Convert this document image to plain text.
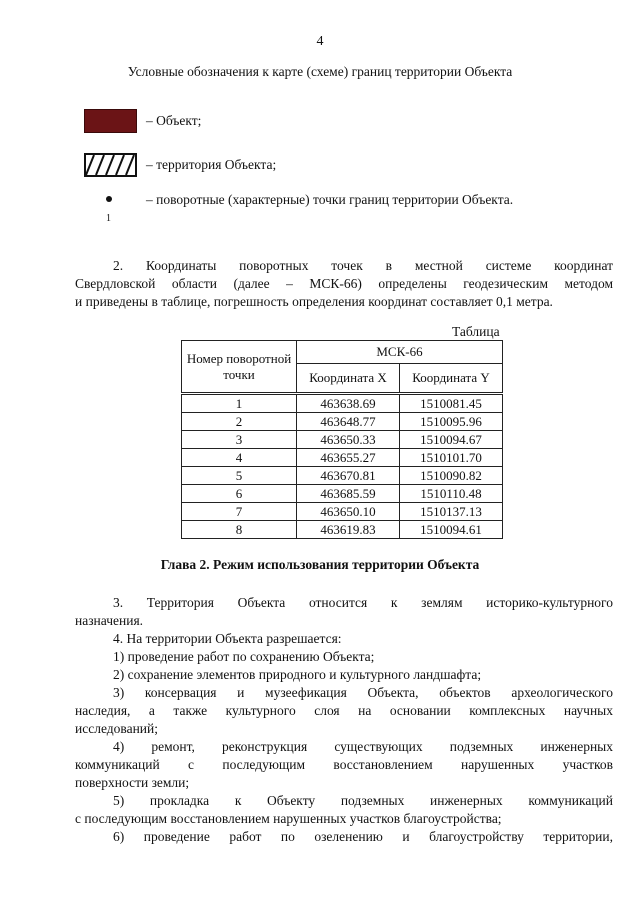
4
Условные обозначения к карте (схеме) границ территории Объекта
– Объект;
– территория Объекта;
1
– поворотные (характерные) точки границ территории Объекта.
2. Координаты поворотных точек в местной системе координат
Свердловской области (далее – МСК-66) определены геодезическим методом
и приведены в таблице, погрешность определения координат составляет 0,1 метра.
Таблица
Номер поворотной точки	МСК-66	
	Координата X	Координата Y
1	463638.69	1510081.45
2	463648.77	1510095.96
3	463650.33	1510094.67
4	463655.27	1510101.70
5	463670.81	1510090.82
6	463685.59	1510110.48
7	463650.10	1510137.13
8	463619.83	1510094.61
Глава 2. Режим использования территории Объекта
3. Территория Объекта относится к землям историко-культурного
назначения.
4. На территории Объекта разрешается:
1) проведение работ по сохранению Объекта;
2) сохранение элементов природного и культурного ландшафта;
3) консервация и музеефикация Объекта, объектов археологического
наследия, а также культурного слоя на основании комплексных научных
исследований;
4) ремонт, реконструкция существующих подземных инженерных
коммуникаций с последующим восстановлением нарушенных участков
поверхности земли;
5) прокладка к Объекту подземных инженерных коммуникаций
с последующим восстановлением нарушенных участков благоустройства;
6) проведение работ по озеленению и благоустройству территории,
